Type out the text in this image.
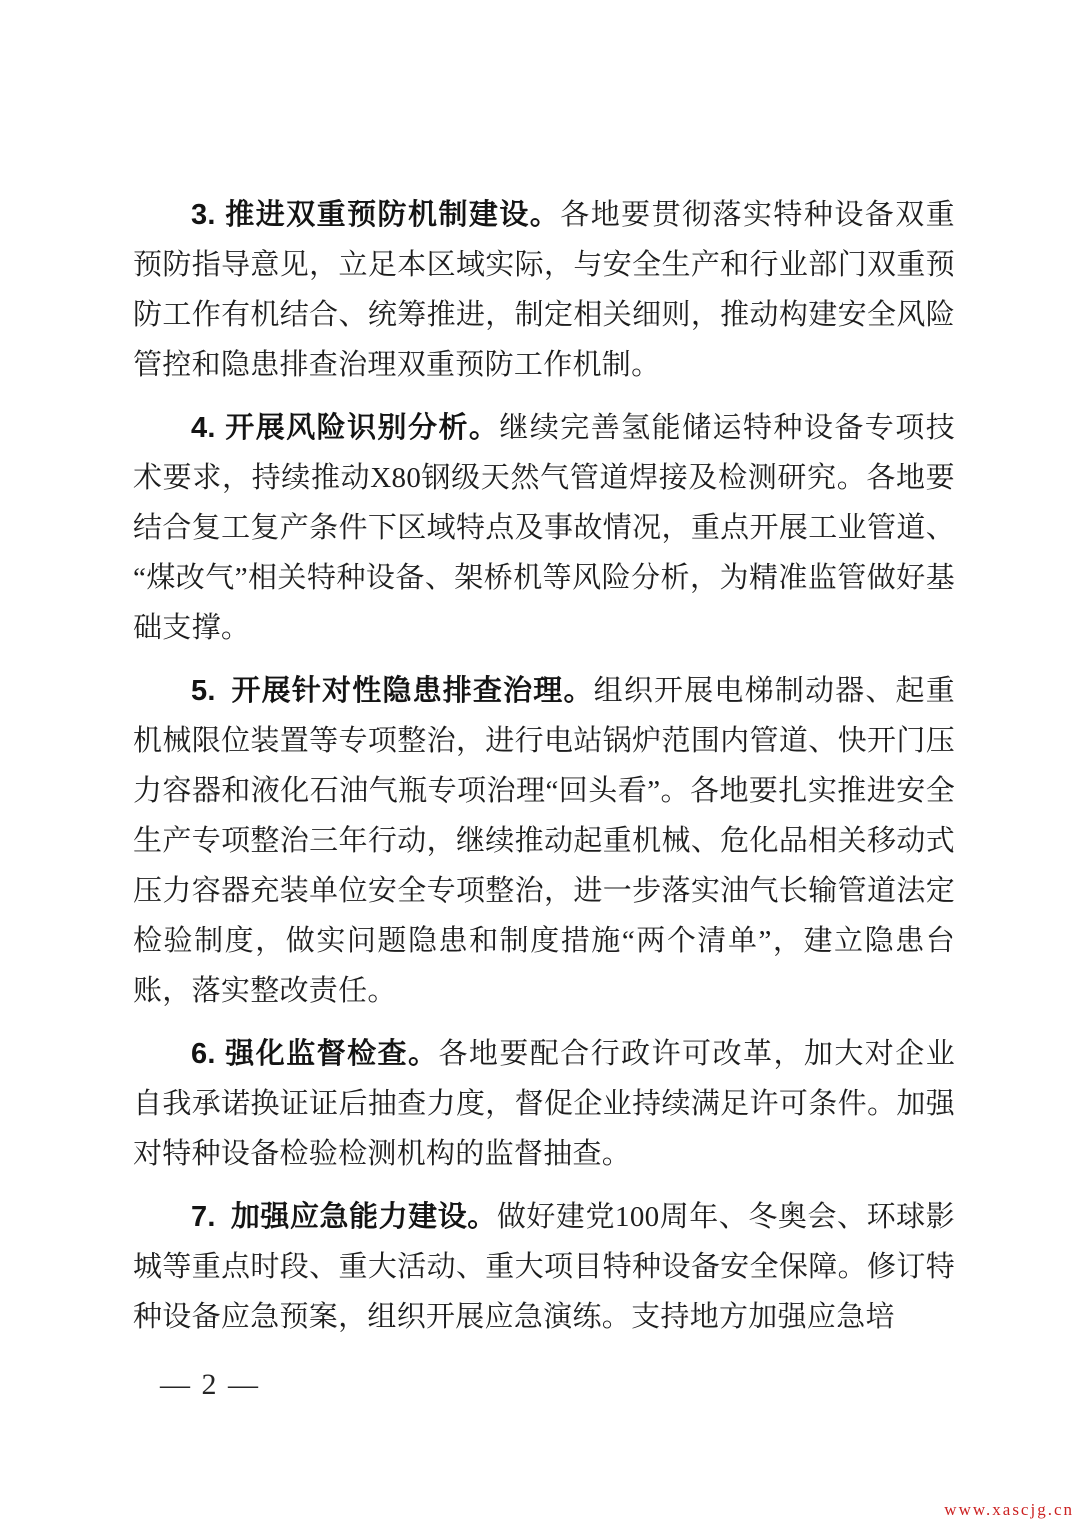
3. 推进双重预防机制建设。各地要贯彻落实特种设备双重预防指导意见，立足本区域实际，与安全生产和行业部门双重预防工作有机结合、统筹推进，制定相关细则，推动构建安全风险管控和隐患排查治理双重预防工作机制。

4. 开展风险识别分析。继续完善氢能储运特种设备专项技术要求，持续推动X80钢级天然气管道焊接及检测研究。各地要结合复工复产条件下区域特点及事故情况，重点开展工业管道、“煤改气”相关特种设备、架桥机等风险分析，为精准监管做好基础支撑。

5. 开展针对性隐患排查治理。组织开展电梯制动器、起重机械限位装置等专项整治，进行电站锅炉范围内管道、快开门压力容器和液化石油气瓶专项治理“回头看”。各地要扎实推进安全生产专项整治三年行动，继续推动起重机械、危化品相关移动式压力容器充装单位安全专项整治，进一步落实油气长输管道法定检验制度，做实问题隐患和制度措施“两个清单”，建立隐患台账，落实整改责任。

6. 强化监督检查。各地要配合行政许可改革，加大对企业自我承诺换证证后抽查力度，督促企业持续满足许可条件。加强对特种设备检验检测机构的监督抽查。

7. 加强应急能力建设。做好建党100周年、冬奥会、环球影城等重点时段、重大活动、重大项目特种设备安全保障。修订特种设备应急预案，组织开展应急演练。支持地方加强应急培

— 2 —
www.xascjg.cn
